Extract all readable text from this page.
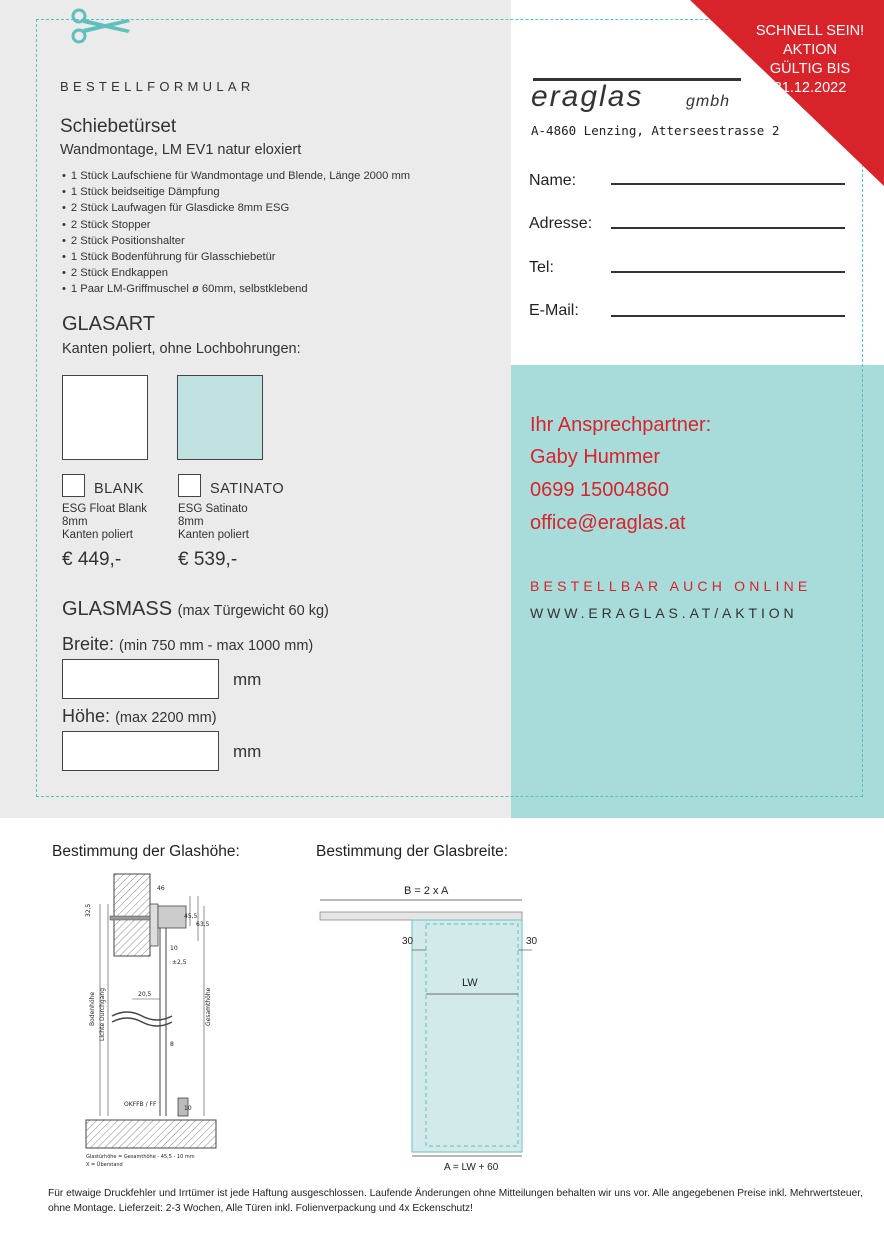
SCHNELL SEIN!
AKTION
GÜLTIG BIS
31.12.2022
BESTELLFORMULAR
Schiebetürset
Wandmontage, LM EV1 natur eloxiert
• 1 Stück Laufschiene für Wandmontage und Blende, Länge 2000 mm
• 1 Stück beidseitige Dämpfung
• 2 Stück Laufwagen für Glasdicke 8mm ESG
• 2 Stück Stopper
• 2 Stück Positionshalter
• 1 Stück Bodenführung für Glasschiebetür
• 2 Stück Endkappen
• 1 Paar LM-Griffmuschel ø 60mm, selbstklebend
GLASART
Kanten poliert, ohne Lochbohrungen:
BLANK	SATINATO
ESG Float Blank
8mm
Kanten poliert
ESG Satinato
8mm
Kanten poliert
€ 449,-	€ 539,-
GLASMASS (max Türgewicht 60 kg)
Breite: (min 750 mm - max 1000 mm)
mm
Höhe: (max 2200 mm)
mm
eraglas	gmbh
A-4860 Lenzing, Atterseestrasse 2
Name:
Adresse:
Tel:
E-Mail:
Ihr Ansprechpartner:
Gaby Hummer
0699 15004860
office@eraglas.at
BESTELLBAR AUCH ONLINE
WWW.ERAGLAS.AT/AKTION
Bestimmung der Glashöhe:	Bestimmung der Glasbreite:
46
32,5	45,5
63,5
10
±2,5
20,5
8
10
Gesamthöhe
Bodenhöhe Lichte Durchgang
OKFFB / FF
Glastürhöhe = Gesamthöhe - 45,5 - 10 mm
X = Überstand
B = 2 x A
30	30
LW
A = LW + 60
Für etwaige Druckfehler und Irrtümer ist jede Haftung ausgeschlossen. Laufende Änderungen ohne Mitteilungen behalten wir uns vor. Alle angegebenen Preise inkl. Mehrwertsteuer, ohne Montage. Lieferzeit: 2-3 Wochen, Alle Türen inkl. Folienverpackung und 4x Eckenschutz!
